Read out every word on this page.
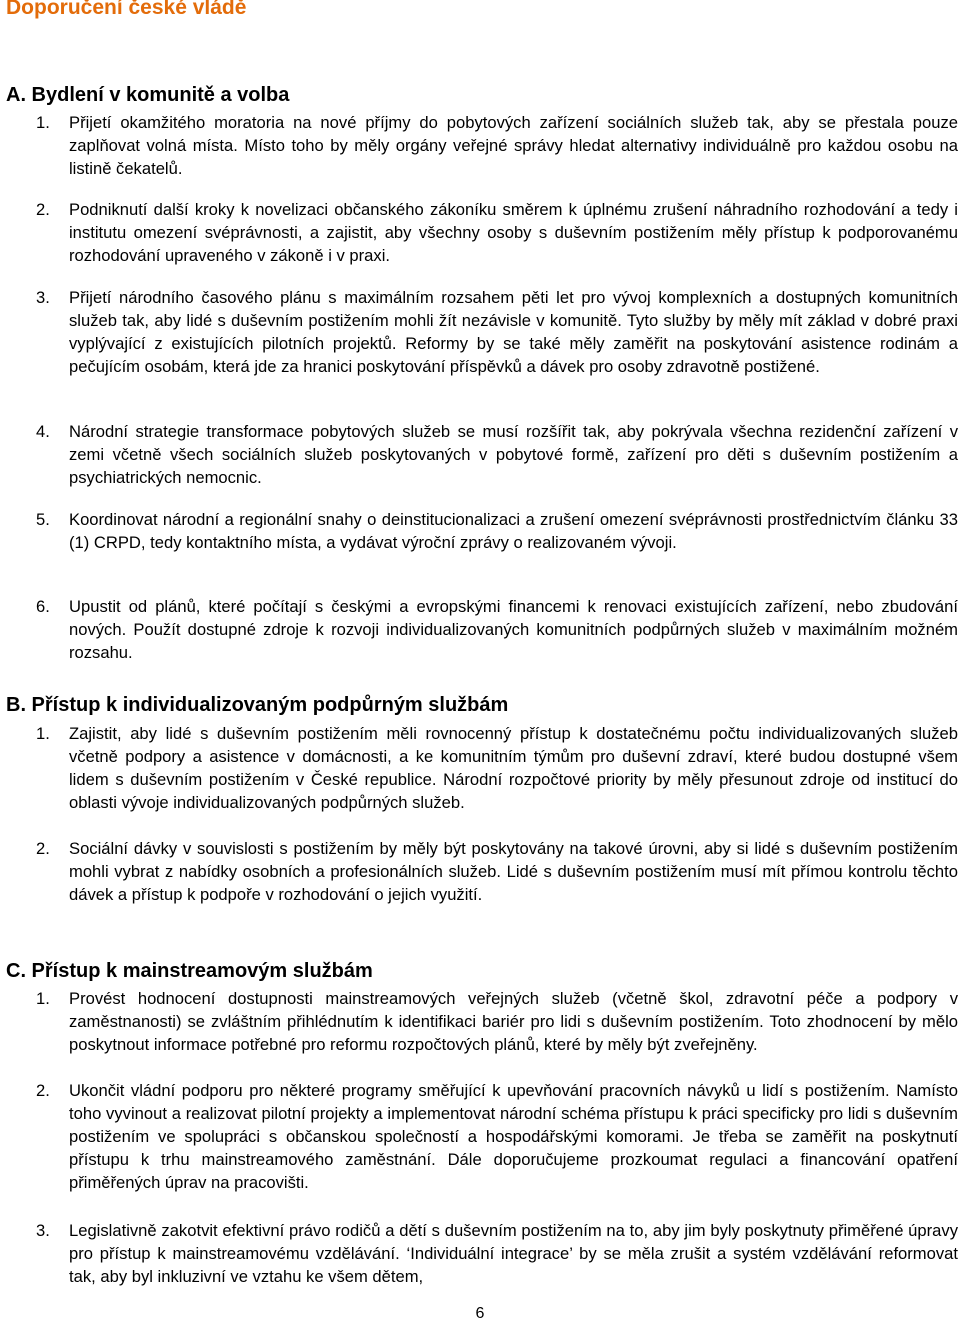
Doporučení české vládě
A. Bydlení v komunitě a volba
1. Přijetí okamžitého moratoria na nové příjmy do pobytových zařízení sociálních služeb tak, aby se přestala pouze zaplňovat volná místa. Místo toho by měly orgány veřejné správy hledat alternativy individuálně pro každou osobu na listině čekatelů.
2. Podniknutí další kroky k novelizaci občanského zákoníku směrem k úplnému zrušení náhradního rozhodování a tedy i institutu omezení svéprávnosti, a zajistit, aby všechny osoby s duševním postižením měly přístup k podporovanému rozhodování upraveného v zákoně i v praxi.
3. Přijetí národního časového plánu s maximálním rozsahem pěti let pro vývoj komplexních a dostupných komunitních služeb tak, aby lidé s duševním postižením mohli žít nezávisle v komunitě. Tyto služby by měly mít základ v dobré praxi vyplývající z existujících pilotních projektů. Reformy by se také měly zaměřit na poskytování asistence rodinám a pečujícím osobám, která jde za hranici poskytování příspěvků a dávek pro osoby zdravotně postižené.
4. Národní strategie transformace pobytových služeb se musí rozšířit tak, aby pokrývala všechna rezidenční zařízení v zemi včetně všech sociálních služeb poskytovaných v pobytové formě, zařízení pro děti s duševním postižením a psychiatrických nemocnic.
5. Koordinovat národní a regionální snahy o deinstitucionalizaci a zrušení omezení svéprávnosti prostřednictvím článku 33 (1) CRPD, tedy kontaktního místa, a vydávat výroční zprávy o realizovaném vývoji.
6. Upustit od plánů, které počítají s českými a evropskými financemi k renovaci existujících zařízení, nebo zbudování nových. Použít dostupné zdroje k rozvoji individualizovaných komunitních podpůrných služeb v maximálním možném rozsahu.
B. Přístup k individualizovaným podpůrným službám
1. Zajistit, aby lidé s duševním postižením měli rovnocenný přístup k dostatečnému počtu individualizovaných služeb včetně podpory a asistence v domácnosti, a ke komunitním týmům pro duševní zdraví, které budou dostupné všem lidem s duševním postižením v České republice. Národní rozpočtové priority by měly přesunout zdroje od institucí do oblasti vývoje individualizovaných podpůrných služeb.
2. Sociální dávky v souvislosti s postižením by měly být poskytovány na takové úrovni, aby si lidé s duševním postižením mohli vybrat z nabídky osobních a profesionálních služeb. Lidé s duševním postižením musí mít přímou kontrolu těchto dávek a přístup k podpoře v rozhodování o jejich využití.
C. Přístup k mainstreamovým službám
1. Provést hodnocení dostupnosti mainstreamových veřejných služeb (včetně škol, zdravotní péče a podpory v zaměstnanosti) se zvláštním přihlédnutím k identifikaci bariér pro lidi s duševním postižením. Toto zhodnocení by mělo poskytnout informace potřebné pro reformu rozpočtových plánů, které by měly být zveřejněny.
2. Ukončit vládní podporu pro některé programy směřující k upevňování pracovních návyků u lidí s postižením. Namísto toho vyvinout a realizovat pilotní projekty a implementovat národní schéma přístupu k práci specificky pro lidi s duševním postižením ve spolupráci s občanskou společností a hospodářskými komorami. Je třeba se zaměřit na poskytnutí přístupu k trhu mainstreamového zaměstnání. Dále doporučujeme prozkoumat regulaci a financování opatření přiměřených úprav na pracovišti.
3. Legislativně zakotvit efektivní právo rodičů a dětí s duševním postižením na to, aby jim byly poskytnuty přiměřené úpravy pro přístup k mainstreamovému vzdělávání. ‘Individuální integrace’ by se měla zrušit a systém vzdělávání reformovat tak, aby byl inkluzivní ve vztahu ke všem dětem,
6
